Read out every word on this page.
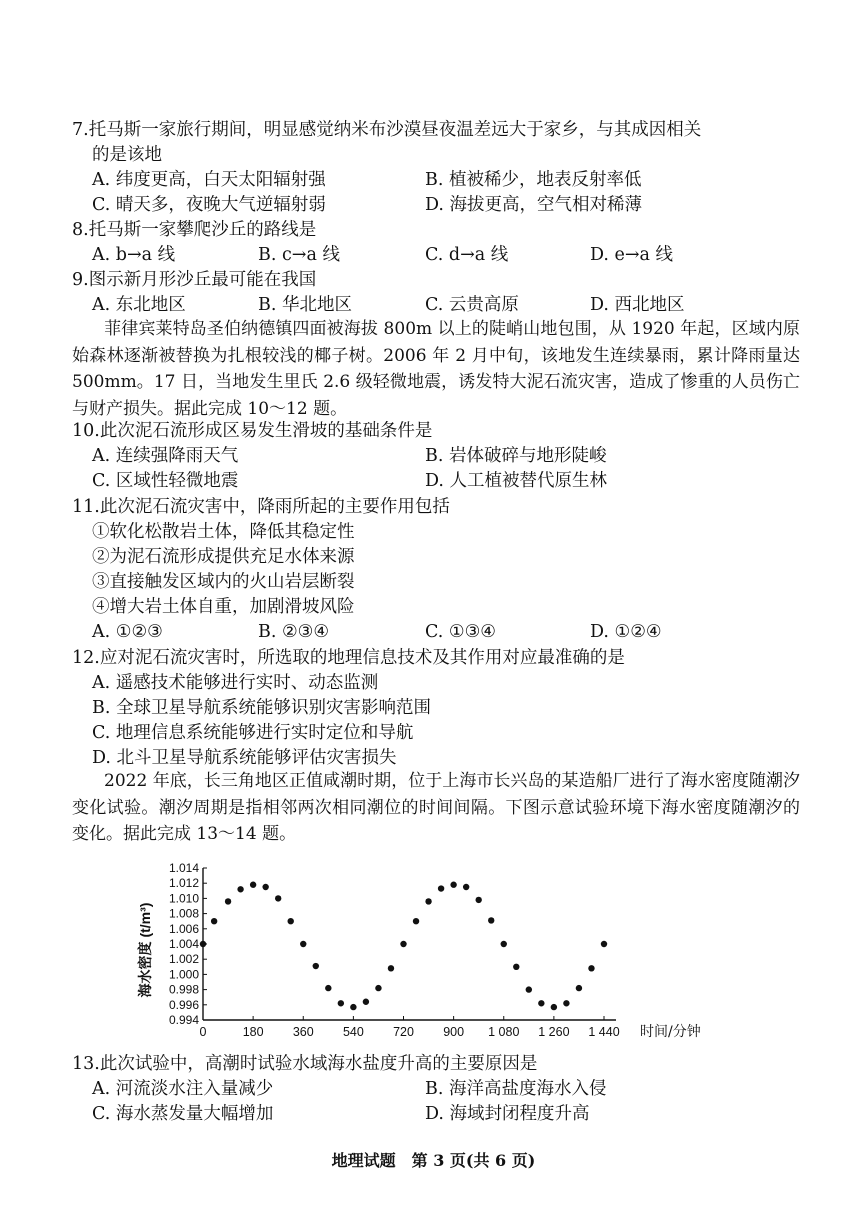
7.托马斯一家旅行期间，明显感觉纳米布沙漠昼夜温差远大于家乡，与其成因相关
的是该地
A. 纬度更高，白天太阳辐射强	B. 植被稀少，地表反射率低
C. 晴天多，夜晚大气逆辐射弱	D. 海拔更高，空气相对稀薄
8.托马斯一家攀爬沙丘的路线是
A. b→a 线	B. c→a 线	C. d→a 线	D. e→a 线
9.图示新月形沙丘最可能在我国
A. 东北地区	B. 华北地区	C. 云贵高原	D. 西北地区
菲律宾莱特岛圣伯纳德镇四面被海拔 800m 以上的陡峭山地包围，从 1920 年起，区域内原始森林逐渐被替换为扎根较浅的椰子树。2006 年 2 月中旬，该地发生连续暴雨，累计降雨量达 500mm。17 日，当地发生里氏 2.6 级轻微地震，诱发特大泥石流灾害，造成了惨重的人员伤亡与财产损失。据此完成 10～12 题。
10.此次泥石流形成区易发生滑坡的基础条件是
A. 连续强降雨天气	B. 岩体破碎与地形陡峻
C. 区域性轻微地震	D. 人工植被替代原生林
11.此次泥石流灾害中，降雨所起的主要作用包括
①软化松散岩土体，降低其稳定性
②为泥石流形成提供充足水体来源
③直接触发区域内的火山岩层断裂
④增大岩土体自重，加剧滑坡风险
A. ①②③	B. ②③④	C. ①③④	D. ①②④
12.应对泥石流灾害时，所选取的地理信息技术及其作用对应最准确的是
A. 遥感技术能够进行实时、动态监测
B. 全球卫星导航系统能够识别灾害影响范围
C. 地理信息系统能够进行实时定位和导航
D. 北斗卫星导航系统能够评估灾害损失
2022 年底，长三角地区正值咸潮时期，位于上海市长兴岛的某造船厂进行了海水密度随潮汐变化试验。潮汐周期是指相邻两次相同潮位的时间间隔。下图示意试验环境下海水密度随潮汐的变化。据此完成 13～14 题。
0.994
0.996
0.998
1.000
1.002
1.004
1.006
1.008
1.010
1.012
1.014
0	180 360 540 720 900 1 080 1 260 1 440
海水密度 (t/m³)
时间/分钟
13.此次试验中，高潮时试验水域海水盐度升高的主要原因是
A. 河流淡水注入量减少	B. 海洋高盐度海水入侵
C. 海水蒸发量大幅增加	D. 海域封闭程度升高
地理试题　第 3 页(共 6 页)
